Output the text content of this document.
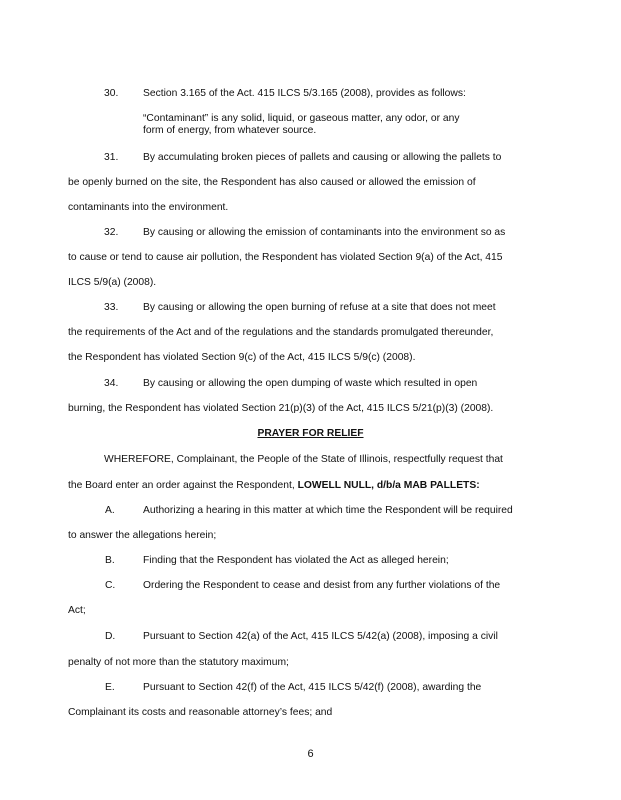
30. Section 3.165 of the Act. 415 ILCS 5/3.165 (2008), provides as follows:
“Contaminant” is any solid, liquid, or gaseous matter, any odor, or any
form of energy, from whatever source.
31. By accumulating broken pieces of pallets and causing or allowing the pallets to
be openly burned on the site, the Respondent has also caused or allowed the emission of
contaminants into the environment.
32. By causing or allowing the emission of contaminants into the environment so as
to cause or tend to cause air pollution, the Respondent has violated Section 9(a) of the Act, 415
ILCS 5/9(a) (2008).
33. By causing or allowing the open burning of refuse at a site that does not meet
the requirements of the Act and of the regulations and the standards promulgated thereunder,
the Respondent has violated Section 9(c) of the Act, 415 ILCS 5/9(c) (2008).
34. By causing or allowing the open dumping of waste which resulted in open
burning, the Respondent has violated Section 21(p)(3) of the Act, 415 ILCS 5/21(p)(3) (2008).
PRAYER FOR RELIEF
WHEREFORE, Complainant, the People of the State of Illinois, respectfully request that
the Board enter an order against the Respondent, LOWELL NULL, d/b/a MAB PALLETS:
A.	Authorizing a hearing in this matter at which time the Respondent will be required
to answer the allegations herein;
B.	Finding that the Respondent has violated the Act as alleged herein;
C.	Ordering the Respondent to cease and desist from any further violations of the
Act;
D.	Pursuant to Section 42(a) of the Act, 415 ILCS 5/42(a) (2008), imposing a civil
penalty of not more than the statutory maximum;
E.	Pursuant to Section 42(f) of the Act, 415 ILCS 5/42(f) (2008), awarding the
Complainant its costs and reasonable attorney’s fees; and
6
